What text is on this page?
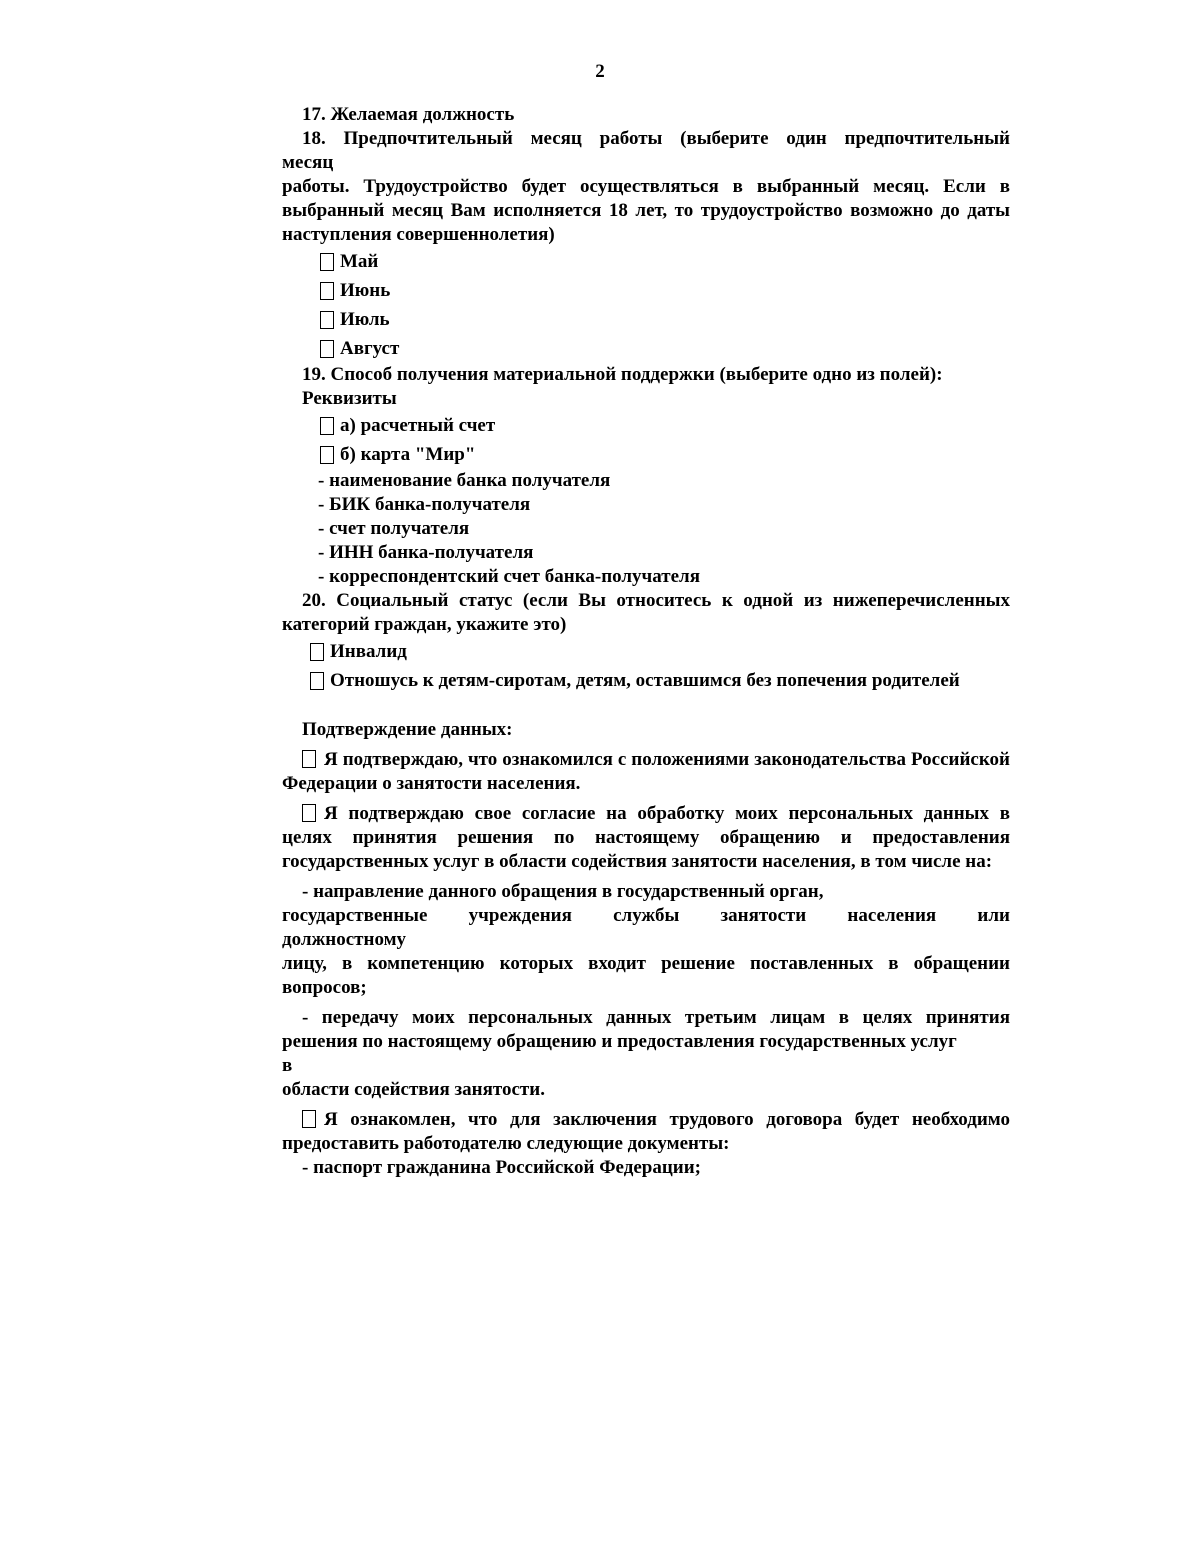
2

17. Желаемая должность

18. Предпочтительный месяц работы (выберите один предпочтительный

месяц

работы. Трудоустройство будет осуществляться в выбранный месяц. Если в выбранный месяц Вам исполняется 18 лет, то трудоустройство возможно до даты наступления совершеннолетия)

Май
Июнь
Июль
Август

19. Способ получения материальной поддержки (выберите одно из полей):

Реквизиты

а) расчетный счет
б) карта "Мир"
- наименование банка получателя
- БИК банка-получателя
- счет получателя
- ИНН банка-получателя
- корреспондентский счет банка-получателя

20. Социальный статус (если Вы относитесь к одной из нижеперечисленных категорий граждан, укажите это)

Инвалид
Отношусь к детям-сиротам, детям, оставшимся без попечения родителей

Подтверждение данных:

Я подтверждаю, что ознакомился с положениями законодательства Российской Федерации о занятости населения.

Я подтверждаю свое согласие на обработку моих персональных данных в целях принятия решения по настоящему обращению и предоставления государственных услуг в области содействия занятости населения, в том числе на:

- направление данного обращения в государственный орган,

государственные учреждения службы занятости населения или

должностному

лицу, в компетенцию которых входит решение поставленных в обращении вопросов;

- передачу моих персональных данных третьим лицам в целях принятия решения по настоящему обращению и предоставления государственных услуг

в

области содействия занятости.

Я ознакомлен, что для заключения трудового договора будет необходимо предоставить работодателю следующие документы:

- паспорт гражданина Российской Федерации;
